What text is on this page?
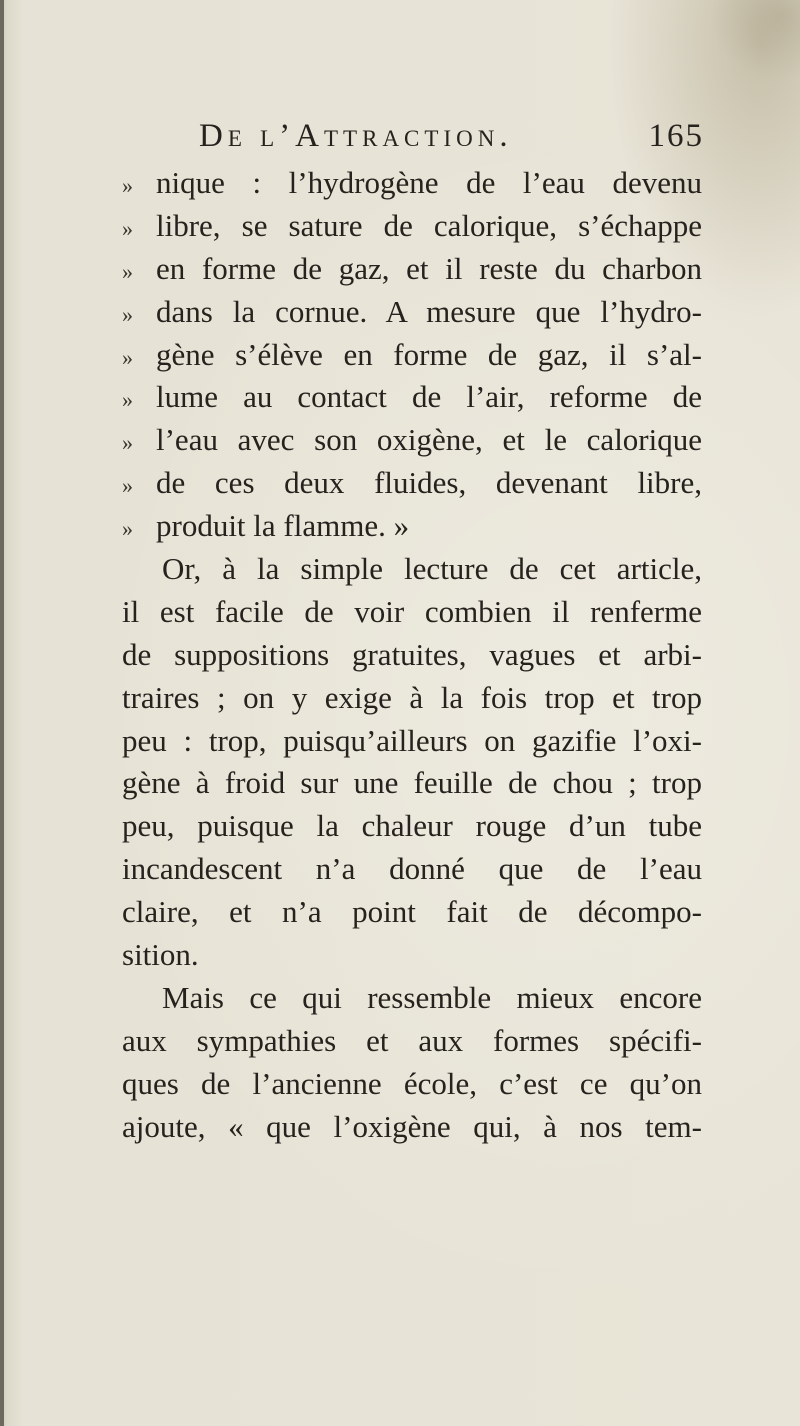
De l’Attraction.	165
» nique : l’hydrogène de l’eau devenu
» libre, se sature de calorique, s’échappe
» en forme de gaz, et il reste du charbon
» dans la cornue. A mesure que l’hydro-
» gène s’élève en forme de gaz, il s’al-
» lume au contact de l’air, reforme de
» l’eau avec son oxigène, et le calorique
» de ces deux fluides, devenant libre,
» produit la flamme. »
Or, à la simple lecture de cet article,
il est facile de voir combien il renferme
de suppositions gratuites, vagues et arbi-
traires ; on y exige à la fois trop et trop
peu : trop, puisqu’ailleurs on gazifie l’oxi-
gène à froid sur une feuille de chou ; trop
peu, puisque la chaleur rouge d’un tube
incandescent n’a donné que de l’eau
claire, et n’a point fait de décompo-
sition.
Mais ce qui ressemble mieux encore
aux sympathies et aux formes spécifi-
ques de l’ancienne école, c’est ce qu’on
ajoute, « que l’oxigène qui, à nos tem-
